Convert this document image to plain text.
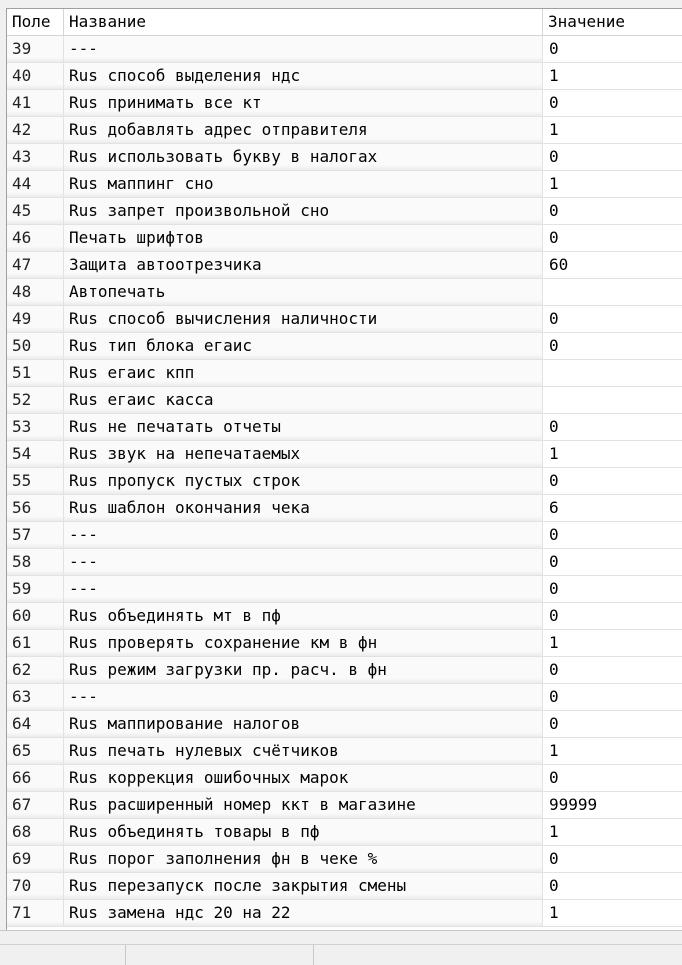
Поле	Название	Значение
39	---	0
40	Rus способ выделения ндс	1
41	Rus принимать все кт	0
42	Rus добавлять адрес отправителя	1
43	Rus использовать букву в налогах	0
44	Rus маппинг сно	1
45	Rus запрет произвольной сно	0
46	Печать шрифтов	0
47	Защита автоотрезчика	60
48	Автопечать
49	Rus способ вычисления наличности	0
50	Rus тип блока егаис	0
51	Rus егаис кпп
52	Rus егаис касса
53	Rus не печатать отчеты	0
54	Rus звук на непечатаемых	1
55	Rus пропуск пустых строк	0
56	Rus шаблон окончания чека	6
57	---	0
58	---	0
59	---	0
60	Rus объединять мт в пф	0
61	Rus проверять сохранение км в фн	1
62	Rus режим загрузки пр. расч. в фн	0
63	---	0
64	Rus маппирование налогов	0
65	Rus печать нулевых счётчиков	1
66	Rus коррекция ошибочных марок	0
67	Rus расширенный номер ккт в магазине	99999
68	Rus объединять товары в пф	1
69	Rus порог заполнения фн в чеке %	0
70	Rus перезапуск после закрытия смены	0
71	Rus замена ндс 20 на 22	1
